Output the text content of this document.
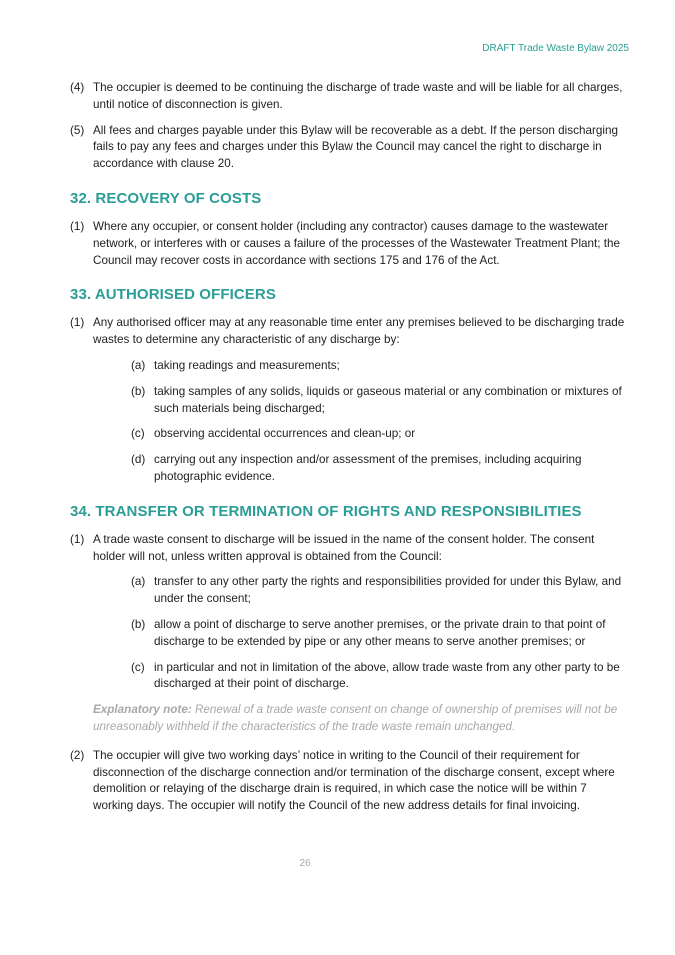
DRAFT Trade Waste Bylaw 2025
(4) The occupier is deemed to be continuing the discharge of trade waste and will be liable for all charges, until notice of disconnection is given.
(5) All fees and charges payable under this Bylaw will be recoverable as a debt. If the person discharging fails to pay any fees and charges under this Bylaw the Council may cancel the right to discharge in accordance with clause 20.
32. RECOVERY OF COSTS
(1) Where any occupier, or consent holder (including any contractor) causes damage to the wastewater network, or interferes with or causes a failure of the processes of the Wastewater Treatment Plant; the Council may recover costs in accordance with sections 175 and 176 of the Act.
33. AUTHORISED OFFICERS
(1) Any authorised officer may at any reasonable time enter any premises believed to be discharging trade wastes to determine any characteristic of any discharge by:
(a) taking readings and measurements;
(b) taking samples of any solids, liquids or gaseous material or any combination or mixtures of such materials being discharged;
(c) observing accidental occurrences and clean-up; or
(d) carrying out any inspection and/or assessment of the premises, including acquiring photographic evidence.
34. TRANSFER OR TERMINATION OF RIGHTS AND RESPONSIBILITIES
(1) A trade waste consent to discharge will be issued in the name of the consent holder. The consent holder will not, unless written approval is obtained from the Council:
(a) transfer to any other party the rights and responsibilities provided for under this Bylaw, and under the consent;
(b) allow a point of discharge to serve another premises, or the private drain to that point of discharge to be extended by pipe or any other means to serve another premises; or
(c) in particular and not in limitation of the above, allow trade waste from any other party to be discharged at their point of discharge.
Explanatory note: Renewal of a trade waste consent on change of ownership of premises will not be unreasonably withheld if the characteristics of the trade waste remain unchanged.
(2) The occupier will give two working days’ notice in writing to the Council of their requirement for disconnection of the discharge connection and/or termination of the discharge consent, except where demolition or relaying of the discharge drain is required, in which case the notice will be within 7 working days. The occupier will notify the Council of the new address details for final invoicing.
26
